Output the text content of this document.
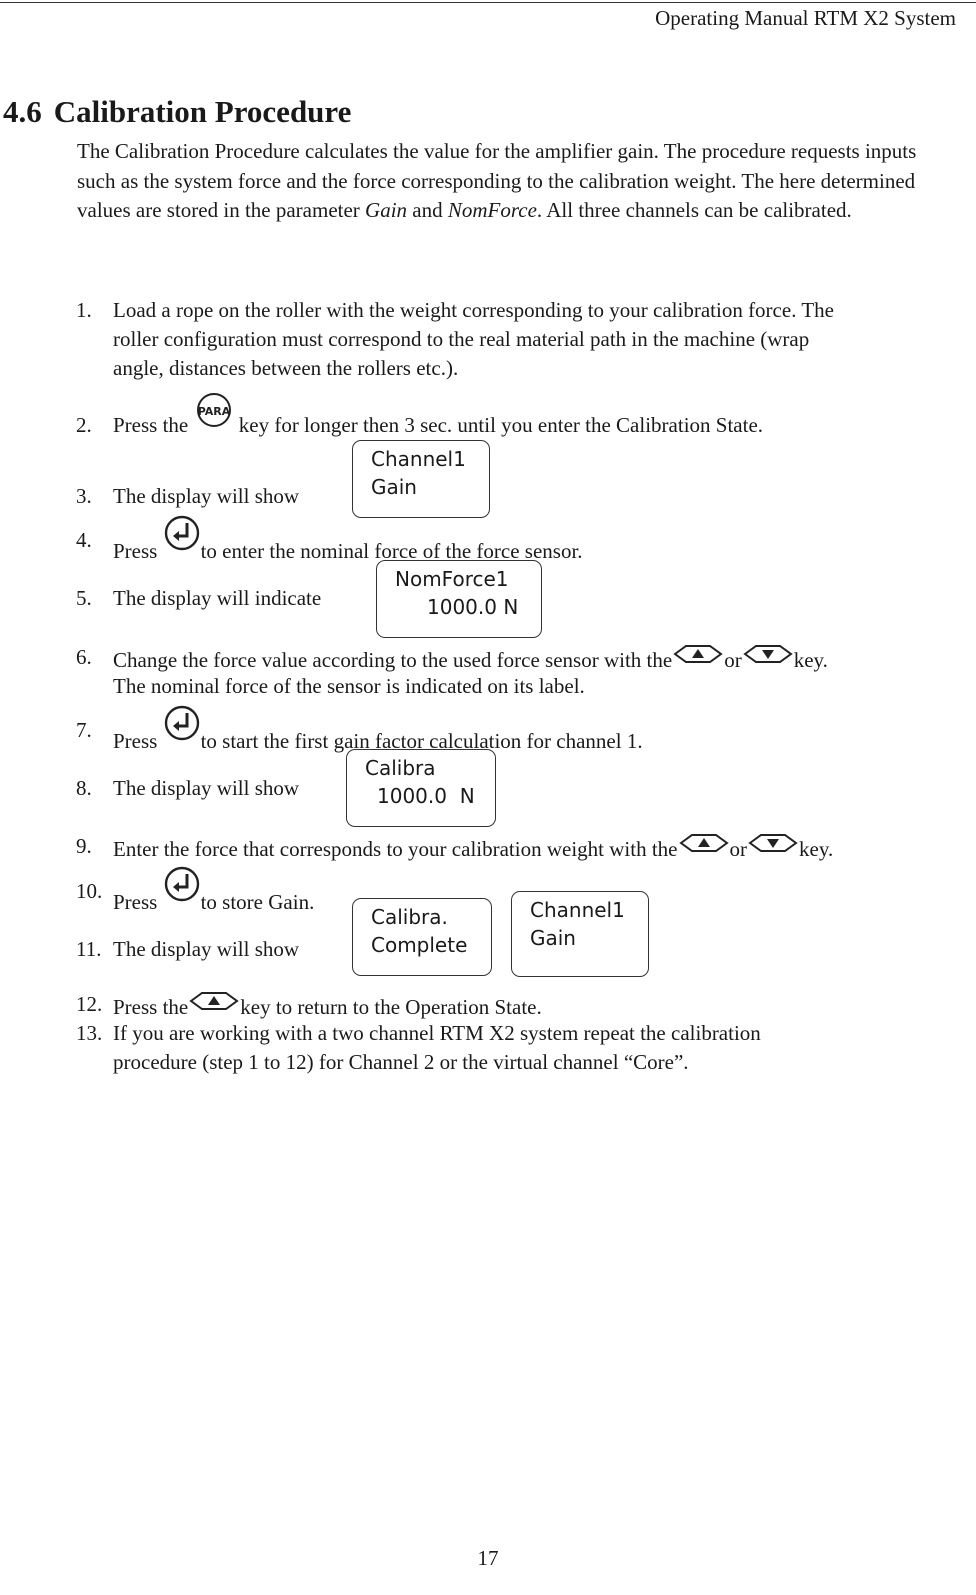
Operating Manual RTM X2 System
4.6 Calibration Procedure
The Calibration Procedure calculates the value for the amplifier gain. The procedure requests inputs such as the system force and the force corresponding to the calibration weight. The here determined values are stored in the parameter Gain and NomForce. All three channels can be calibrated.
1. Load a rope on the roller with the weight corresponding to your calibration force. The
roller configuration must correspond to the real material path in the machine (wrap
angle, distances between the rollers etc.).
2. Press the
PARA
key for longer then 3 sec. until you enter the Calibration State.
3. The display will show
Channel1
Gain
4. Press to enter the nominal force of the force sensor.
5. The display will indicate
NomForce1
1000.0 N
6. Change the force value according to the used force sensor with the or key.
The nominal force of the sensor is indicated on its label.
7. Press to start the first gain factor calculation for channel 1.
8. The display will show
Calibra
1000.0  N
9. Enter the force that corresponds to your calibration weight with the or key.
10. Press to store Gain.
11. The display will show
Calibra.
Complete
Channel1
Gain
12. Press the key to return to the Operation State.
13. If you are working with a two channel RTM X2 system repeat the calibration
procedure (step 1 to 12) for Channel 2 or the virtual channel “Core”.
17
